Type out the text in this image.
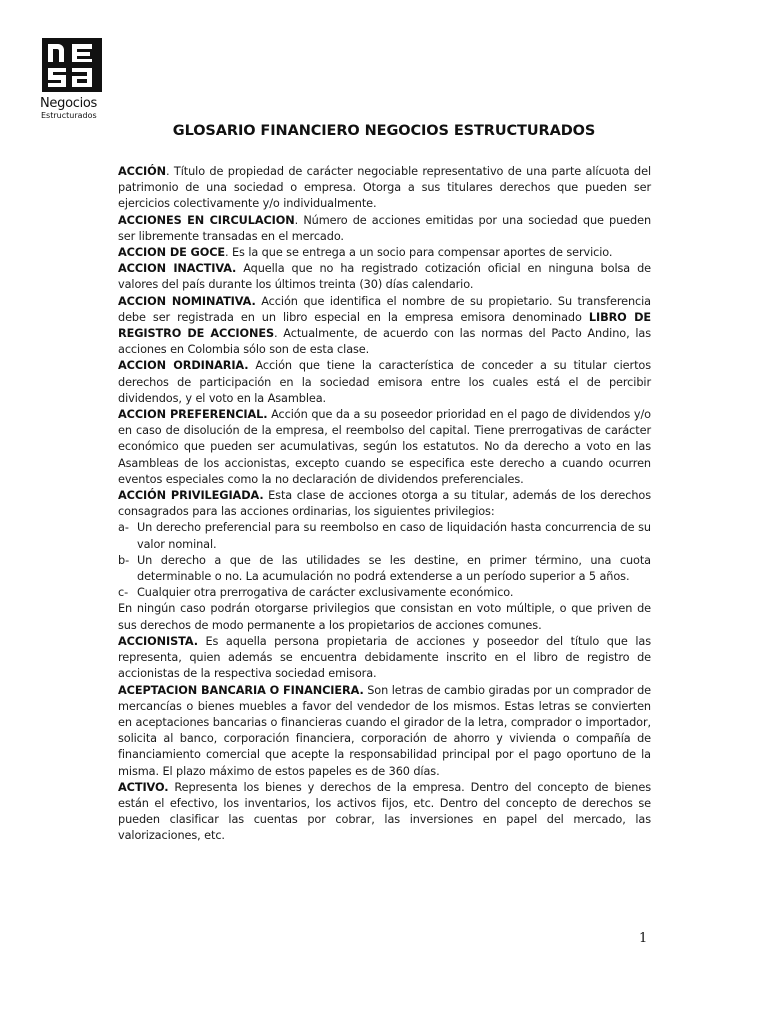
Negocios
Estructurados
GLOSARIO FINANCIERO NEGOCIOS ESTRUCTURADOS

ACCIÓN. Título de propiedad de carácter negociable representativo de una parte alícuota del patrimonio de una sociedad o empresa. Otorga a sus titulares derechos que pueden ser ejercicios colectivamente y/o individualmente.

ACCIONES EN CIRCULACION. Número de acciones emitidas por una sociedad que pueden ser libremente transadas en el mercado.

ACCION DE GOCE. Es la que se entrega a un socio para compensar aportes de servicio.

ACCION INACTIVA. Aquella que no ha registrado cotización oficial en ninguna bolsa de valores del país durante los últimos treinta (30) días calendario.

ACCION NOMINATIVA. Acción que identifica el nombre de su propietario. Su transferencia debe ser registrada en un libro especial en la empresa emisora denominado LIBRO DE REGISTRO DE ACCIONES. Actualmente, de acuerdo con las normas del Pacto Andino, las acciones en Colombia sólo son de esta clase.

ACCION ORDINARIA. Acción que tiene la característica de conceder a su titular ciertos derechos de participación en la sociedad emisora entre los cuales está el de percibir dividendos, y el voto en la Asamblea.

ACCION PREFERENCIAL. Acción que da a su poseedor prioridad en el pago de dividendos y/o en caso de disolución de la empresa, el reembolso del capital. Tiene prerrogativas de carácter económico que pueden ser acumulativas, según los estatutos. No da derecho a voto en las Asambleas de los accionistas, excepto cuando se especifica este derecho a cuando ocurren eventos especiales como la no declaración de dividendos preferenciales.

ACCIÓN PRIVILEGIADA. Esta clase de acciones otorga a su titular, además de los derechos consagrados para las acciones ordinarias, los siguientes privilegios:

a- Un derecho preferencial para su reembolso en caso de liquidación hasta concurrencia de su valor nominal.
b- Un derecho a que de las utilidades se les destine, en primer término, una cuota determinable o no. La acumulación no podrá extenderse a un período superior a 5 años.
c- Cualquier otra prerrogativa de carácter exclusivamente económico.

En ningún caso podrán otorgarse privilegios que consistan en voto múltiple, o que priven de sus derechos de modo permanente a los propietarios de acciones comunes.

ACCIONISTA. Es aquella persona propietaria de acciones y poseedor del título que las representa, quien además se encuentra debidamente inscrito en el libro de registro de accionistas de la respectiva sociedad emisora.

ACEPTACION BANCARIA O FINANCIERA. Son letras de cambio giradas por un comprador de mercancías o bienes muebles a favor del vendedor de los mismos. Estas letras se convierten en aceptaciones bancarias o financieras cuando el girador de la letra, comprador o importador, solicita al banco, corporación financiera, corporación de ahorro y vivienda o compañía de financiamiento comercial que acepte la responsabilidad principal por el pago oportuno de la misma. El plazo máximo de estos papeles es de 360 días.

ACTIVO. Representa los bienes y derechos de la empresa. Dentro del concepto de bienes están el efectivo, los inventarios, los activos fijos, etc. Dentro del concepto de derechos se pueden clasificar las cuentas por cobrar, las inversiones en papel del mercado, las valorizaciones, etc.

1
